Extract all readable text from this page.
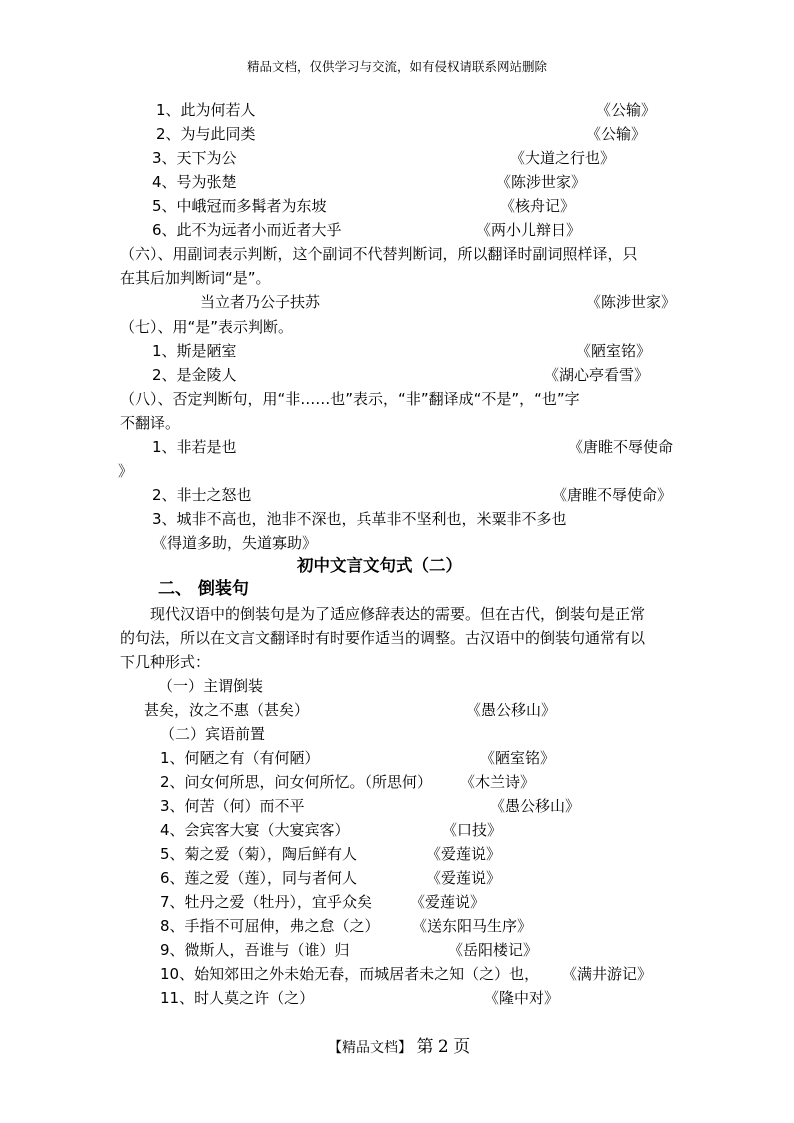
精品文档，仅供学习与交流，如有侵权请联系网站删除
1、此为何若人	《公输》
2、为与此同类	《公输》
3、天下为公	《大道之行也》
4、号为张楚	《陈涉世家》
5、中峨冠而多髯者为东坡	《核舟记》
6、此不为远者小而近者大乎	《两小儿辩日》
（六）、用副词表示判断，这个副词不代替判断词，所以翻译时副词照样译，只
在其后加判断词“是”。
当立者乃公子扶苏	《陈涉世家》
（七）、用“是”表示判断。
1、斯是陋室	《陋室铭》
2、是金陵人	《湖心亭看雪》
（八）、否定判断句，用“非……也”表示，“非”翻译成“不是”，“也”字
不翻译。
1、非若是也	《唐睢不辱使命
》
2、非士之怒也	《唐睢不辱使命》
3、城非不高也，池非不深也，兵革非不坚利也，米粟非不多也
《得道多助，失道寡助》
初中文言文句式（二）
二、 倒装句
现代汉语中的倒装句是为了适应修辞表达的需要。但在古代，倒装句是正常
的句法，所以在文言文翻译时有时要作适当的调整。古汉语中的倒装句通常有以
下几种形式：
（一）主谓倒装
甚矣，汝之不惠（甚矣）	《愚公移山》
（二）宾语前置
1、何陋之有（有何陋）	《陋室铭》
2、问女何所思，问女何所忆。（所思何） 《木兰诗》
3、何苦（何）而不平	《愚公移山》
4、会宾客大宴（大宴宾客）	《口技》
5、菊之爱（菊），陶后鲜有人	《爱莲说》
6、莲之爱（莲），同与者何人	《爱莲说》
7、牡丹之爱（牡丹），宜乎众矣	《爱莲说》
8、手指不可屈伸，弗之怠（之） 《送东阳马生序》
9、微斯人，吾谁与（谁）归	《岳阳楼记》
10、始知郊田之外未始无春，而城居者未之知（之）也， 《满井游记》
11、时人莫之许（之）	《隆中对》
【精品文档】 第 2 页
